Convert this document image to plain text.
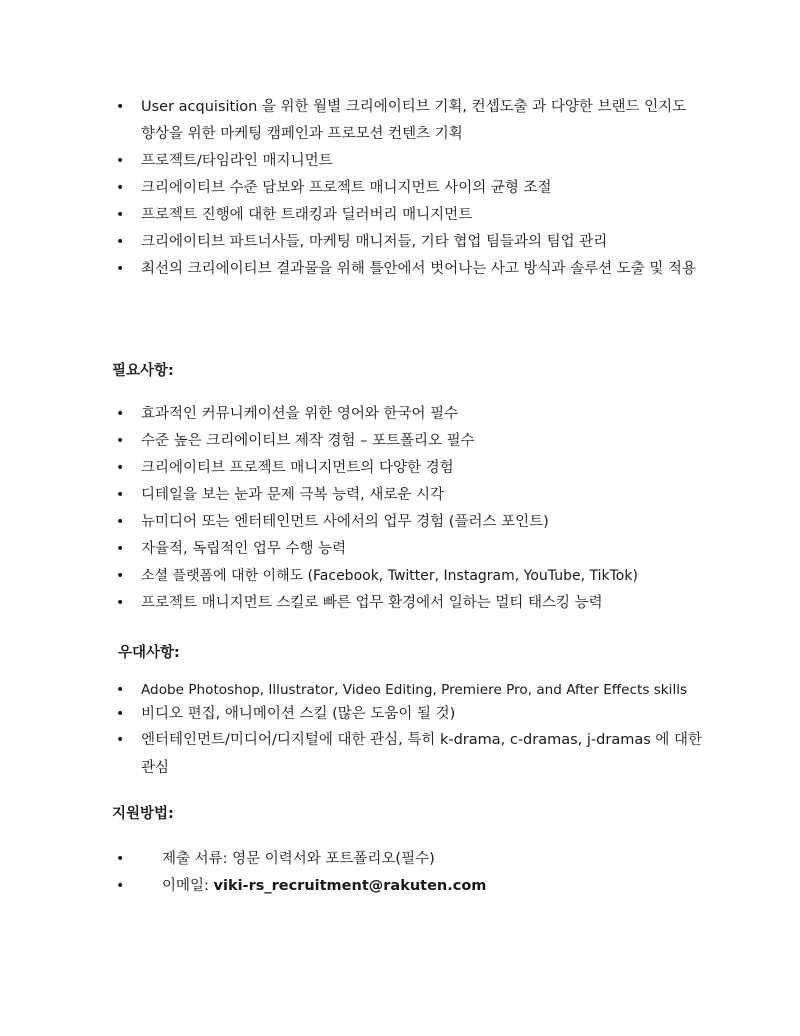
• User acquisition 을 위한 월별 크리에이티브 기획, 컨셉도출 과 다양한 브랜드 인지도 향상을 위한 마케팅 캠페인과 프로모션 컨텐츠 기획
• 프로젝트/타임라인 매지니먼트
• 크리에이티브 수준 담보와 프로젝트 매니지먼트 사이의 균형 조절
• 프로젝트 진행에 대한 트래킹과 딜러버리 매니지먼트
• 크리에이티브 파트너사들, 마케팅 매니저들, 기타 협업 팀들과의 팀업 관리
• 최선의 크리에이티브 결과물을 위해 틀안에서 벗어나는 사고 방식과 솔루션 도출 및 적용
필요사항:
• 효과적인 커뮤니케이션을 위한 영어와 한국어 필수
• 수준 높은 크리에이티브 제작 경험 – 포트폴리오 필수
• 크리에이티브 프로젝트 매니지먼트의 다양한 경험
• 디테일을 보는 눈과 문제 극복 능력, 새로운 시각
• 뉴미디어 또는 엔터테인먼트 사에서의 업무 경험 (플러스 포인트)
• 자율적, 독립적인 업무 수행 능력
• 소셜 플랫폼에 대한 이해도 (Facebook, Twitter, Instagram, YouTube, TikTok)
• 프로젝트 매니지먼트 스킬로 빠른 업무 환경에서 일하는 멀티 태스킹 능력
우대사항:
• Adobe Photoshop, Illustrator, Video Editing, Premiere Pro, and After Effects skills
• 비디오 편집, 애니메이션 스킬 (많은 도움이 될 것)
• 엔터테인먼트/미디어/디지털에 대한 관심, 특히 k-drama, c-dramas, j-dramas 에 대한 관심
지원방법:
•	제출 서류: 영문 이력서와 포트폴리오(필수)
•	이메일: viki-rs_recruitment@rakuten.com
